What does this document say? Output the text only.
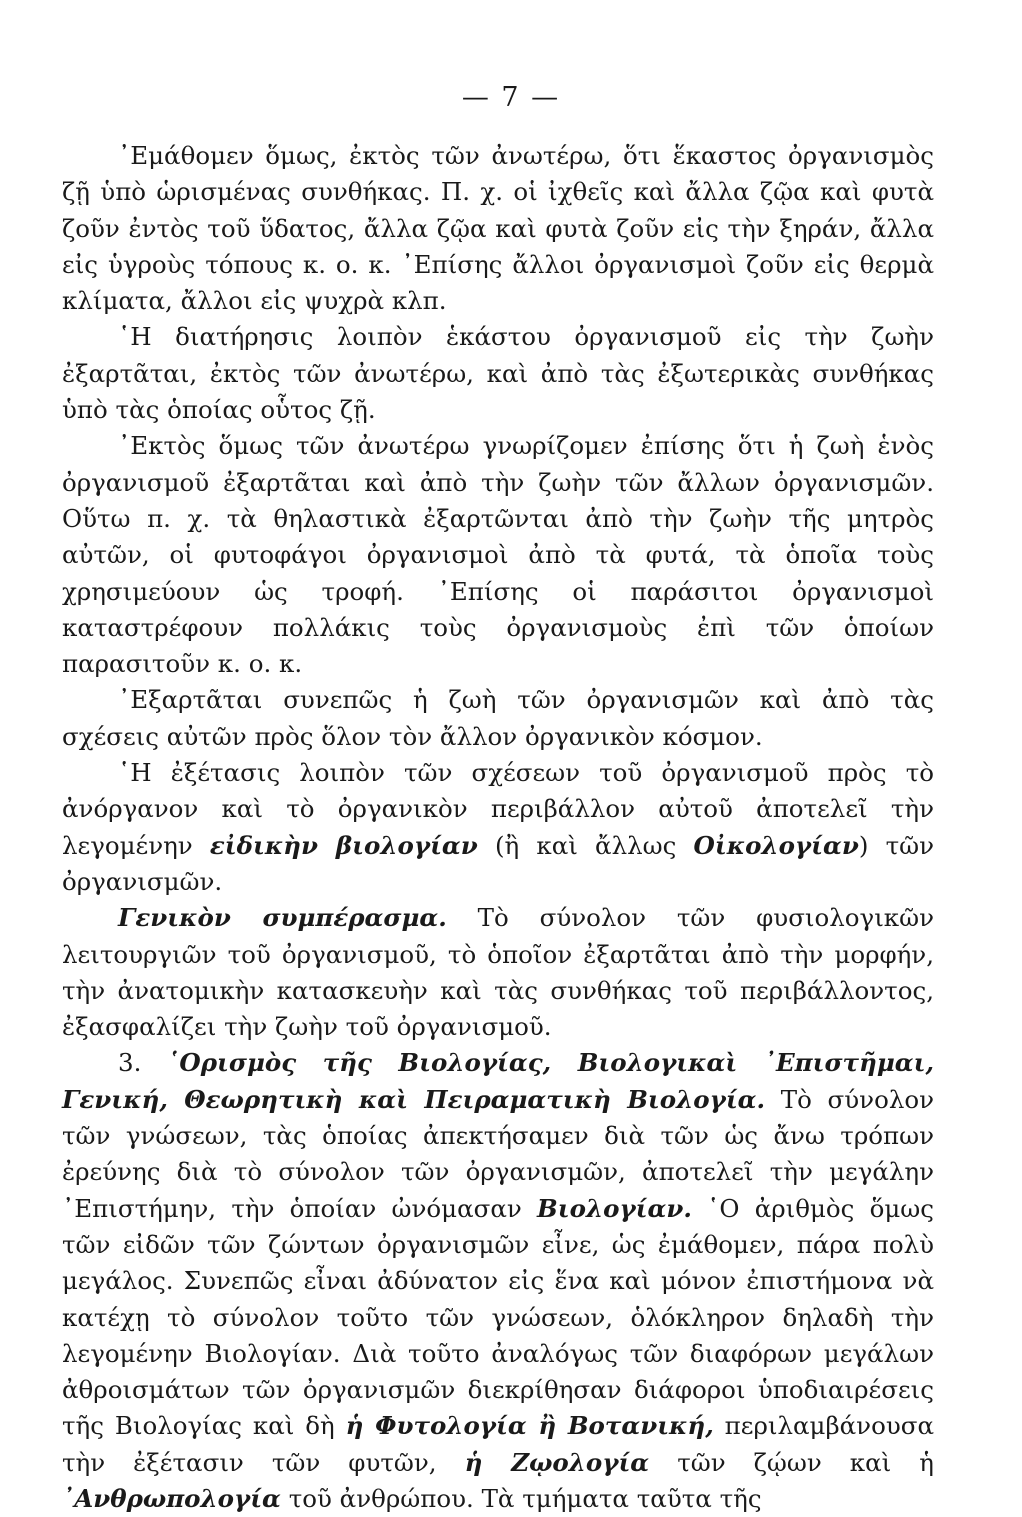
— 7 —

᾿Εμάθομεν ὅμως, ἐκτὸς τῶν ἀνωτέρω, ὅτι ἕκαστος ὀργανισμὸς ζῇ ὑπὸ ὡρισμένας συνθήκας. Π. χ. οἱ ἰχθεῖς καὶ ἄλλα ζῷα καὶ φυτὰ ζοῦν ἐντὸς τοῦ ὕδατος, ἄλλα ζῷα καὶ φυτὰ ζοῦν εἰς τὴν ξηράν, ἄλλα εἰς ὑγροὺς τόπους κ. ο. κ. ᾿Επίσης ἄλλοι ὀργανισμοὶ ζοῦν εἰς θερμὰ κλίματα, ἄλλοι εἰς ψυχρὰ κλπ.

῾Η διατήρησις λοιπὸν ἑκάστου ὀργανισμοῦ εἰς τὴν ζωὴν ἐξαρτᾶται, ἐκτὸς τῶν ἀνωτέρω, καὶ ἀπὸ τὰς ἐξωτερικὰς συνθήκας ὑπὸ τὰς ὁποίας οὗτος ζῇ.

᾿Εκτὸς ὅμως τῶν ἀνωτέρω γνωρίζομεν ἐπίσης ὅτι ἡ ζωὴ ἑνὸς ὀργανισμοῦ ἐξαρτᾶται καὶ ἀπὸ τὴν ζωὴν τῶν ἄλλων ὀργανισμῶν. Οὕτω π. χ. τὰ θηλαστικὰ ἐξαρτῶνται ἀπὸ τὴν ζωὴν τῆς μητρὸς αὐτῶν, οἱ φυτοφάγοι ὀργανισμοὶ ἀπὸ τὰ φυτά, τὰ ὁποῖα τοὺς χρησιμεύουν ὡς τροφή. ᾿Επίσης οἱ παράσιτοι ὀργανισμοὶ καταστρέφουν πολλάκις τοὺς ὀργανισμοὺς ἐπὶ τῶν ὁποίων παρασιτοῦν κ. ο. κ.

᾿Εξαρτᾶται συνεπῶς ἡ ζωὴ τῶν ὀργανισμῶν καὶ ἀπὸ τὰς σχέσεις αὐτῶν πρὸς ὅλον τὸν ἄλλον ὀργανικὸν κόσμον.

῾Η ἐξέτασις λοιπὸν τῶν σχέσεων τοῦ ὀργανισμοῦ πρὸς τὸ ἀνόργανον καὶ τὸ ὀργανικὸν περιβάλλον αὐτοῦ ἀποτελεῖ τὴν λεγομένην εἰδικὴν βιολογίαν (ἢ καὶ ἄλλως Οἰκολογίαν) τῶν ὀργανισμῶν.

Γενικὸν συμπέρασμα. Τὸ σύνολον τῶν φυσιολογικῶν λειτουργιῶν τοῦ ὀργανισμοῦ, τὸ ὁποῖον ἐξαρτᾶται ἀπὸ τὴν μορφήν, τὴν ἀνατομικὴν κατασκευὴν καὶ τὰς συνθήκας τοῦ περιβάλλοντος, ἐξασφαλίζει τὴν ζωὴν τοῦ ὀργανισμοῦ.

3. ῾Ορισμὸς τῆς Βιολογίας, Βιολογικαὶ ᾿Επιστῆμαι, Γενική, Θεωρητικὴ καὶ Πειραματικὴ Βιολογία. Τὸ σύνολον τῶν γνώσεων, τὰς ὁποίας ἀπεκτήσαμεν διὰ τῶν ὡς ἄνω τρόπων ἐρεύνης διὰ τὸ σύνολον τῶν ὀργανισμῶν, ἀποτελεῖ τὴν μεγάλην ᾿Επιστήμην, τὴν ὁποίαν ὠνόμασαν Βιολογίαν. ῾Ο ἀριθμὸς ὅμως τῶν εἰδῶν τῶν ζώντων ὀργανισμῶν εἶνε, ὡς ἐμάθομεν, πάρα πολὺ μεγάλος. Συνεπῶς εἶναι ἀδύνατον εἰς ἕνα καὶ μόνον ἐπιστήμονα νὰ κατέχῃ τὸ σύνολον τοῦτο τῶν γνώσεων, ὁλόκληρον δηλαδὴ τὴν λεγομένην Βιολογίαν. Διὰ τοῦτο ἀναλόγως τῶν διαφόρων μεγάλων ἀθροισμάτων τῶν ὀργανισμῶν διεκρίθησαν διάφοροι ὑποδιαιρέσεις τῆς Βιολογίας καὶ δὴ ἡ Φυτολογία ἢ Βοτανική, περιλαμβάνουσα τὴν ἐξέτασιν τῶν φυτῶν, ἡ Ζῳολογία τῶν ζῴων καὶ ἡ ᾿Ανθρωπολογία τοῦ ἀνθρώπου. Τὰ τμήματα ταῦτα τῆς
